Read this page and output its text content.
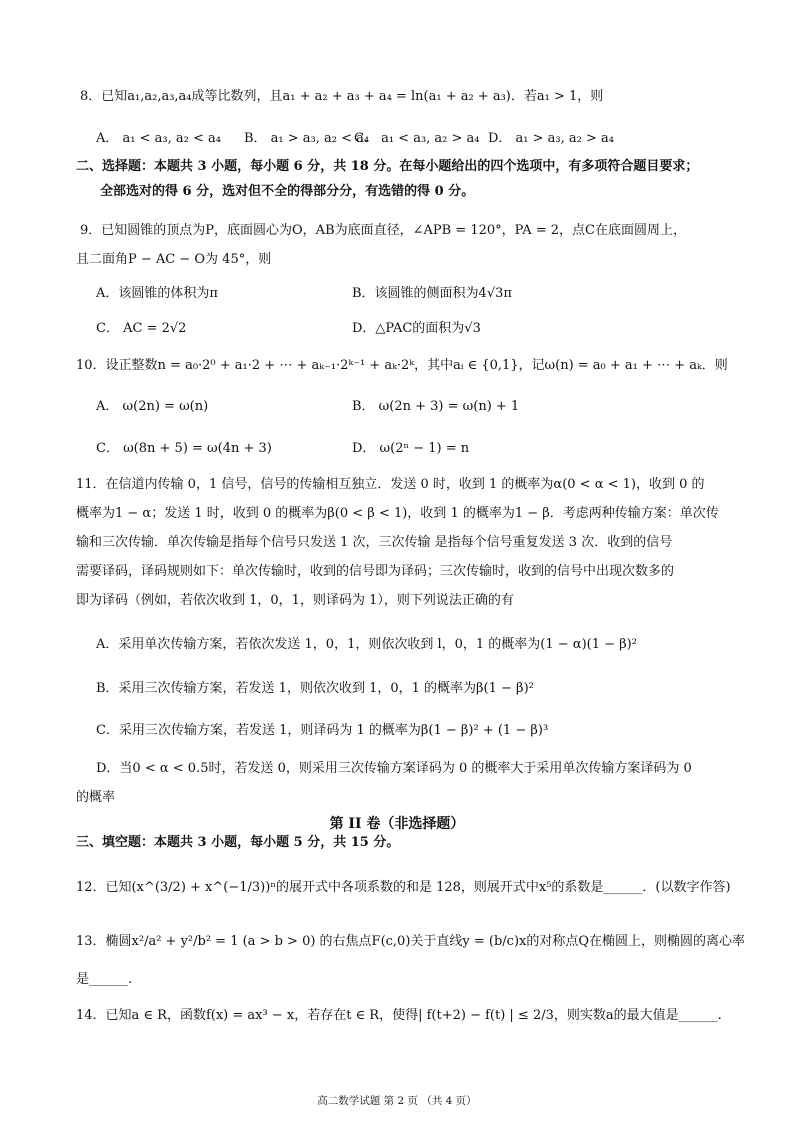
8．已知a₁,a₂,a₃,a₄成等比数列，且a₁ + a₂ + a₃ + a₄ = ln(a₁ + a₂ + a₃)．若a₁ > 1，则
A． a₁ < a₃, a₂ < a₄ B． a₁ > a₃, a₂ < a₄
C． a₁ < a₃, a₂ > a₄ D． a₁ > a₃, a₂ > a₄
二、选择题：本题共 3 小题，每小题 6 分，共 18 分。在每小题给出的四个选项中，有多项符合题目要求；
全部选对的得 6 分，选对但不全的得部分分，有选错的得 0 分。
9．已知圆锥的顶点为P，底面圆心为O，AB为底面直径，∠APB = 120°，PA = 2，点C在底面圆周上，
且二面角P − AC − O为 45°，则
A．该圆锥的体积为π	B．该圆锥的侧面积为4√3π
C． AC = 2√2	D．△PAC的面积为√3
10．设正整数n = a₀·2⁰ + a₁·2 + ⋯ + aₖ₋₁·2ᵏ⁻¹ + aₖ·2ᵏ，其中aᵢ ∈ {0,1}，记ω(n) = a₀ + a₁ + ⋯ + aₖ．则
A． ω(2n) = ω(n)	B． ω(2n + 3) = ω(n) + 1
C． ω(8n + 5) = ω(4n + 3)	D． ω(2ⁿ − 1) = n
11．在信道内传输 0，1 信号，信号的传输相互独立．发送 0 时，收到 1 的概率为α(0 < α < 1)，收到 0 的
概率为1 − α；发送 1 时，收到 0 的概率为β(0 < β < 1)，收到 1 的概率为1 − β．考虑两种传输方案：单次传
输和三次传输．单次传输是指每个信号只发送 1 次，三次传输 是指每个信号重复发送 3 次．收到的信号
需要译码，译码规则如下：单次传输时，收到的信号即为译码；三次传输时，收到的信号中出现次数多的
即为译码（例如，若依次收到 1，0，1，则译码为 1），则下列说法正确的有
A．采用单次传输方案，若依次发送 1，0，1，则依次收到 l，0，1 的概率为(1 − α)(1 − β)²
B．采用三次传输方案，若发送 1，则依次收到 1，0，1 的概率为β(1 − β)²
C．采用三次传输方案，若发送 1，则译码为 1 的概率为β(1 − β)² + (1 − β)³
D．当0 < α < 0.5时，若发送 0，则采用三次传输方案译码为 0 的概率大于采用单次传输方案译码为 0
的概率
第 II 卷（非选择题）
三、填空题：本题共 3 小题，每小题 5 分，共 15 分。
12．已知(x^(3/2) + x^(−1/3))ⁿ的展开式中各项系数的和是 128，则展开式中x⁵的系数是______．(以数字作答)
13．椭圆x²/a² + y²/b² = 1 (a > b > 0) 的右焦点F(c,0)关于直线y = (b/c)x的对称点Q在椭圆上，则椭圆的离心率
是______.
14．已知a ∈ R，函数f(x) = ax³ − x，若存在t ∈ R，使得| f(t+2) − f(t) | ≤ 2/3，则实数a的最大值是______.
高二数学试题 第 2 页 （共 4 页）
